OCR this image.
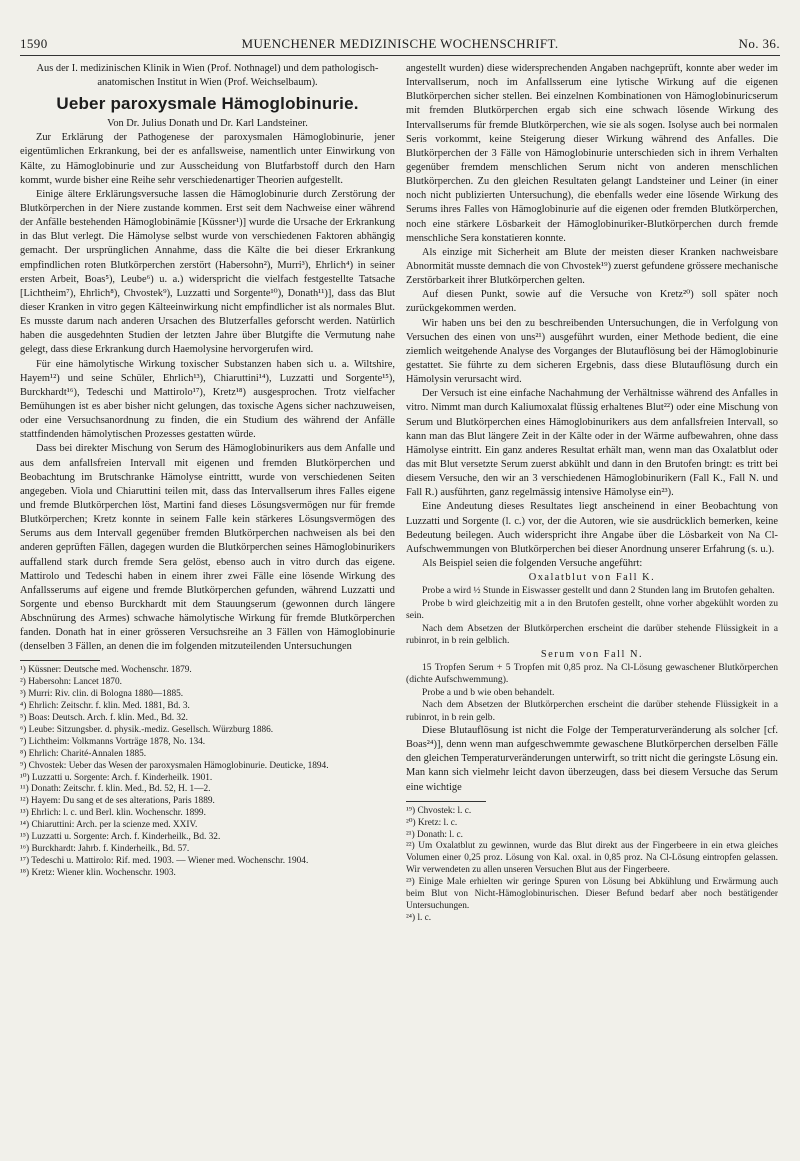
1590	MUENCHENER MEDIZINISCHE WOCHENSCHRIFT.	No. 36.

Aus der I. medizinischen Klinik in Wien (Prof. Nothnagel) und dem pathologisch-anatomischen Institut in Wien (Prof. Weichselbaum).

Ueber paroxysmale Hämoglobinurie.

Von Dr. Julius Donath und Dr. Karl Landsteiner.

Zur Erklärung der Pathogenese der paroxysmalen Hämoglobinurie, jener eigentümlichen Erkrankung, bei der es anfallsweise, namentlich unter Einwirkung von Kälte, zu Hämoglobinurie und zur Ausscheidung von Blutfarbstoff durch den Harn kommt, wurde bisher eine Reihe sehr verschiedenartiger Theorien aufgestellt.

Einige ältere Erklärungsversuche lassen die Hämoglobinurie durch Zerstörung der Blutkörperchen in der Niere zustande kommen. Erst seit dem Nachweise einer während der Anfälle bestehenden Hämoglobinämie [Küssner¹)] wurde die Ursache der Erkrankung in das Blut verlegt. Die Hämolyse selbst wurde von verschiedenen Faktoren abhängig gemacht. Der ursprünglichen Annahme, dass die Kälte die bei dieser Erkrankung empfindlichen roten Blutkörperchen zerstört (Habersohn²), Murri³), Ehrlich⁴) in seiner ersten Arbeit, Boas⁵), Leube⁶) u. a.) widerspricht die vielfach festgestellte Tatsache [Lichtheim⁷), Ehrlich⁸), Chvostek⁹), Luzzatti und Sorgente¹⁰), Donath¹¹)], dass das Blut dieser Kranken in vitro gegen Kälteeinwirkung nicht empfindlicher ist als normales Blut. Es musste darum nach anderen Ursachen des Blutzerfalles geforscht werden. Natürlich haben die ausgedehnten Studien der letzten Jahre über Blutgifte die Vermutung nahe gelegt, dass diese Erkrankung durch Haemolysine hervorgerufen wird.

Für eine hämolytische Wirkung toxischer Substanzen haben sich u. a. Wiltshire, Hayem¹²) und seine Schüler, Ehrlich¹³), Chiaruttini¹⁴), Luzzatti und Sorgente¹⁵), Burckhardt¹⁶), Tedeschi und Mattirolo¹⁷), Kretz¹⁸) ausgesprochen. Trotz vielfacher Bemühungen ist es aber bisher nicht gelungen, das toxische Agens sicher nachzuweisen, oder eine Versuchsanordnung zu finden, die ein Studium des während der Anfälle stattfindenden hämolytischen Prozesses gestatten würde.

Dass bei direkter Mischung von Serum des Hämoglobinurikers aus dem Anfalle und aus dem anfallsfreien Intervall mit eigenen und fremden Blutkörperchen und Beobachtung im Brutschranke Hämolyse eintrittt, wurde von verschiedenen Seiten angegeben. Viola und Chiaruttini teilen mit, dass das Intervallserum ihres Falles eigene und fremde Blutkörperchen löst, Martini fand dieses Lösungsvermögen nur für fremde Blutkörperchen; Kretz konnte in seinem Falle kein stärkeres Lösungsvermögen des Serums aus dem Intervall gegenüber fremden Blutkörperchen nachweisen als bei den anderen geprüften Fällen, dagegen wurden die Blutkörperchen seines Hämoglobinurikers auffallend stark durch fremde Sera gelöst, ebenso auch in vitro durch das eigene. Mattirolo und Tedeschi haben in einem ihrer zwei Fälle eine lösende Wirkung des Anfallsserums auf eigene und fremde Blutkörperchen gefunden, während Luzzatti und Sorgente und ebenso Burckhardt mit dem Stauungserum (gewonnen durch längere Abschnürung des Armes) schwache hämolytische Wirkung für fremde Blutkörperchen fanden. Donath hat in einer grösseren Versuchsreihe an 3 Fällen von Hämoglobinurie (denselben 3 Fällen, an denen die im folgenden mitzuteilenden Untersuchungen

¹) Küssner: Deutsche med. Wochenschr. 1879.

²) Habersohn: Lancet 1870.

³) Murri: Riv. clin. di Bologna 1880—1885.

⁴) Ehrlich: Zeitschr. f. klin. Med. 1881, Bd. 3.

⁵) Boas: Deutsch. Arch. f. klin. Med., Bd. 32.

⁶) Leube: Sitzungsber. d. physik.-mediz. Gesellsch. Würzburg 1886.

⁷) Lichtheim: Volkmanns Vorträge 1878, No. 134.

⁸) Ehrlich: Charité-Annalen 1885.

⁹) Chvostek: Ueber das Wesen der paroxysmalen Hämoglobinurie. Deuticke, 1894.

¹⁰) Luzzatti u. Sorgente: Arch. f. Kinderheilk. 1901.

¹¹) Donath: Zeitschr. f. klin. Med., Bd. 52, H. 1—2.

¹²) Hayem: Du sang et de ses alterations, Paris 1889.

¹³) Ehrlich: l. c. und Berl. klin. Wochenschr. 1899.

¹⁴) Chiaruttini: Arch. per la scienze med. XXIV.

¹⁵) Luzzatti u. Sorgente: Arch. f. Kinderheilk., Bd. 32.

¹⁶) Burckhardt: Jahrb. f. Kinderheilk., Bd. 57.

¹⁷) Tedeschi u. Mattirolo: Rif. med. 1903. — Wiener med. Wochenschr. 1904.

¹⁸) Kretz: Wiener klin. Wochenschr. 1903.

angestellt wurden) diese widersprechenden Angaben nachgeprüft, konnte aber weder im Intervallserum, noch im Anfallsserum eine lytische Wirkung auf die eigenen Blutkörperchen sicher stellen. Bei einzelnen Kombinationen von Hämoglobinuricserum mit fremden Blutkörperchen ergab sich eine schwach lösende Wirkung des Intervallserums für fremde Blutkörperchen, wie sie als sogen. Isolyse auch bei normalen Seris vorkommt, keine Steigerung dieser Wirkung während des Anfalles. Die Blutkörperchen der 3 Fälle von Hämoglobinurie unterschieden sich in ihrem Verhalten gegenüber fremdem menschlichen Serum nicht von anderen menschlichen Blutkörperchen. Zu den gleichen Resultaten gelangt Landsteiner und Leiner (in einer noch nicht publizierten Untersuchung), die ebenfalls weder eine lösende Wirkung des Serums ihres Falles von Hämoglobinurie auf die eigenen oder fremden Blutkörperchen, noch eine stärkere Lösbarkeit der Hämoglobinuriker-Blutkörperchen durch fremde menschliche Sera konstatieren konnte.

Als einzige mit Sicherheit am Blute der meisten dieser Kranken nachweisbare Abnormität musste demnach die von Chvostek¹⁹) zuerst gefundene grössere mechanische Zerstörbarkeit ihrer Blutkörperchen gelten.

Auf diesen Punkt, sowie auf die Versuche von Kretz²⁰) soll später noch zurückgekommen werden.

Wir haben uns bei den zu beschreibenden Untersuchungen, die in Verfolgung von Versuchen des einen von uns²¹) ausgeführt wurden, einer Methode bedient, die eine ziemlich weitgehende Analyse des Vorganges der Blutauflösung bei der Hämoglobinurie gestattet. Sie führte zu dem sicheren Ergebnis, dass diese Blutauflösung durch ein Hämolysin verursacht wird.

Der Versuch ist eine einfache Nachahmung der Verhältnisse während des Anfalles in vitro. Nimmt man durch Kaliumoxalat flüssig erhaltenes Blut²²) oder eine Mischung von Serum und Blutkörperchen eines Hämoglobinurikers aus dem anfallsfreien Intervall, so kann man das Blut längere Zeit in der Kälte oder in der Wärme aufbewahren, ohne dass Hämolyse eintritt. Ein ganz anderes Resultat erhält man, wenn man das Oxalatblut oder das mit Blut versetzte Serum zuerst abkühlt und dann in den Brutofen bringt: es tritt bei diesem Versuche, den wir an 3 verschiedenen Hämoglobinurikern (Fall K., Fall N. und Fall R.) ausführten, ganz regelmässig intensive Hämolyse ein²³).

Eine Andeutung dieses Resultates liegt anscheinend in einer Beobachtung von Luzzatti und Sorgente (l. c.) vor, der die Autoren, wie sie ausdrücklich bemerken, keine Bedeutung beilegen. Auch widerspricht ihre Angabe über die Lösbarkeit von Na Cl-Aufschwemmungen von Blutkörperchen bei dieser Anordnung unserer Erfahrung (s. u.).

Als Beispiel seien die folgenden Versuche angeführt:

Oxalatblut von Fall K.

Probe a wird ½ Stunde in Eiswasser gestellt und dann 2 Stunden lang im Brutofen gehalten.

Probe b wird gleichzeitig mit a in den Brutofen gestellt, ohne vorher abgekühlt worden zu sein.

Nach dem Absetzen der Blutkörperchen erscheint die darüber stehende Flüssigkeit in a rubinrot, in b rein gelblich.

Serum von Fall N.

15 Tropfen Serum + 5 Tropfen mit 0,85 proz. Na Cl-Lösung gewaschener Blutkörperchen (dichte Aufschwemmung).

Probe a und b wie oben behandelt.

Nach dem Absetzen der Blutkörperchen erscheint die darüber stehende Flüssigkeit in a rubinrot, in b rein gelb.

Diese Blutauflösung ist nicht die Folge der Temperaturveränderung als solcher [cf. Boas²⁴)], denn wenn man aufgeschwemmte gewaschene Blutkörperchen derselben Fälle den gleichen Temperaturveränderungen unterwirft, so tritt nicht die geringste Lösung ein. Man kann sich vielmehr leicht davon überzeugen, dass bei diesem Versuche das Serum eine wichtige

¹⁹) Chvostek: l. c.

²⁰) Kretz: l. c.

²¹) Donath: l. c.

²²) Um Oxalatblut zu gewinnen, wurde das Blut direkt aus der Fingerbeere in ein etwa gleiches Volumen einer 0,25 proz. Lösung von Kal. oxal. in 0,85 proz. Na Cl-Lösung eintropfen gelassen. Wir verwendeten zu allen unseren Versuchen Blut aus der Fingerbeere.

²³) Einige Male erhielten wir geringe Spuren von Lösung bei Abkühlung und Erwärmung auch beim Blut von Nicht-Hämoglobinurischen. Dieser Befund bedarf aber noch bestätigender Untersuchungen.

²⁴) l. c.
